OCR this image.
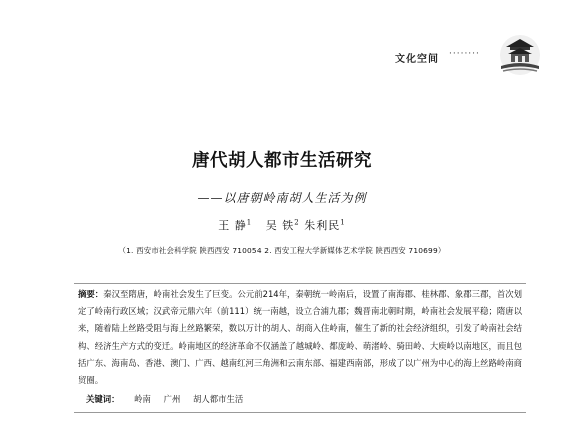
文化空间 ········
唐代胡人都市生活研究
——以唐朝岭南胡人生活为例
王 静$^1$ 吴 铁$^2$ 朱利民$^1$
（1. 西安市社会科学院 陕西西安 710054 2. 西安工程大学新媒体艺术学院 陕西西安 710699）
摘要：秦汉至隋唐，岭南社会发生了巨变。公元前214年，秦朝统一岭南后，设置了南海郡、桂林郡、象郡三郡，首次划定了岭南行政区域；汉武帝元鼎六年（前111）统一南越，设立合浦九郡；魏晋南北朝时期，岭南社会发展平稳；隋唐以来，随着陆上丝路受阻与海上丝路繁荣，数以万计的胡人、胡商入住岭南，催生了新的社会经济组织，引发了岭南社会结构、经济生产方式的变迁。岭南地区的经济革命不仅涵盖了越城岭、都庞岭、萌渚岭、骑田岭、大庾岭以南地区，而且包括广东、海南岛、香港、澳门、广西、越南红河三角洲和云南东部、福建西南部，形成了以广州为中心的海上丝路岭南商贸圈。
关键词： 岭南 广州 胡人都市生活
